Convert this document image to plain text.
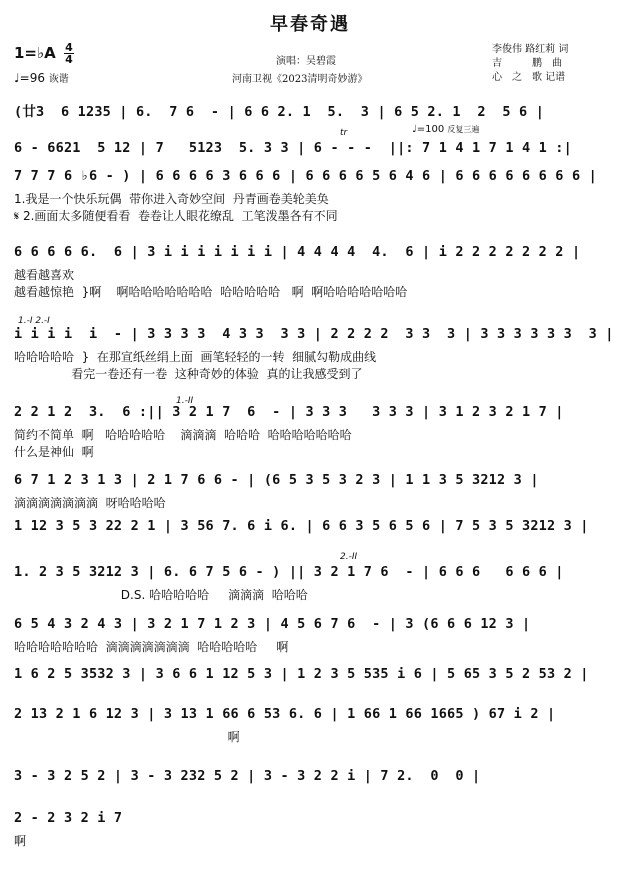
早春奇遇
演唱：吴碧霞
河南卫视《2023清明奇妙游》
李俊伟 路红莉 词
吉　　　鹏　曲
心　之　歌 记谱
1=♭A 4
4
♩=96 诙谐
tr	♩=100 反复三遍
1.-I 2.-I
1.-II
2.-II
(廿3  6 1235 | 6.  7 6  - | 6 6 2. 1  5.  3 | 6 5 2. 1  2  5 6 |
6 - 6621  5 12 | 7   5123  5. 3 3 | 6 - - -  ||: 7 1 4 1 7 1 4 1 :|
7 7 7 6 ♭6 - ) | 6 6 6 6 3 6 6 6 | 6 6 6 6 5 6 4 6 | 6 6 6 6 6 6 6 6 |
1.我是一个快乐玩偶  带你进入奇妙空间  丹青画卷美轮美奂
𝄋 2.画面太多随便看看  卷卷让人眼花缭乱  工笔泼墨各有不同
6 6 6 6 6.  6 | 3 i i i i i i i | 4 4 4 4  4.  6 | i 2 2 2 2 2 2 2 |
越看越喜欢
越看越惊艳  }啊    啊哈哈哈哈哈哈哈  哈哈哈哈哈   啊  啊哈哈哈哈哈哈哈
i i i i  i  - | 3 3 3 3  4 3 3  3 3 | 2 2 2 2  3 3  3 | 3 3 3 3 3 3  3 |
哈哈哈哈哈  }  在那宣纸丝绢上面  画笔轻轻的一转  细腻勾勒成曲线
看完一卷还有一卷  这种奇妙的体验  真的让我感受到了
2 2 1 2  3.  6 :|| 3 2 1 7  6  - | 3 3 3   3 3 3 | 3 1 2 3 2 1 7 |
简约不简单  啊   哈哈哈哈哈    滴滴滴  哈哈哈  哈哈哈哈哈哈哈
什么是神仙  啊
6 7 1 2 3 1 3 | 2 1 7 6 6 - | (6 5 3 5 3 2 3 | 1 1 3 5 3212 3 |
滴滴滴滴滴滴滴  呀哈哈哈哈
1 12 3 5 3 22 2 1 | 3 56 7. 6 i 6. | 6 6 3 5 6 5 6 | 7 5 3 5 3212 3 |
1. 2 3 5 3212 3 | 6. 6 7 5 6 - ) || 3 2 1 7 6  - | 6 6 6   6 6 6 |
D.S. 哈哈哈哈哈     滴滴滴  哈哈哈
6 5 4 3 2 4 3 | 3 2 1 7 1 2 3 | 4 5 6 7 6  - | 3 (6 6 6 12 3 |
哈哈哈哈哈哈哈  滴滴滴滴滴滴滴  哈哈哈哈哈     啊
1 6 2 5 3532 3 | 3 6 6 1 12 5 3 | 1 2 3 5 535 i 6 | 5 65 3 5 2 53 2 |
2 13 2 1 6 12 3 | 3 13 1 66 6 53 6. 6 | 1 66 1 66 1665 ) 67 i 2 |
啊
3 - 3 2 5 2 | 3 - 3 232 5 2 | 3 - 3 2 2 i | 7 2.  0  0 |
2 - 2 3 2 i 7
啊
